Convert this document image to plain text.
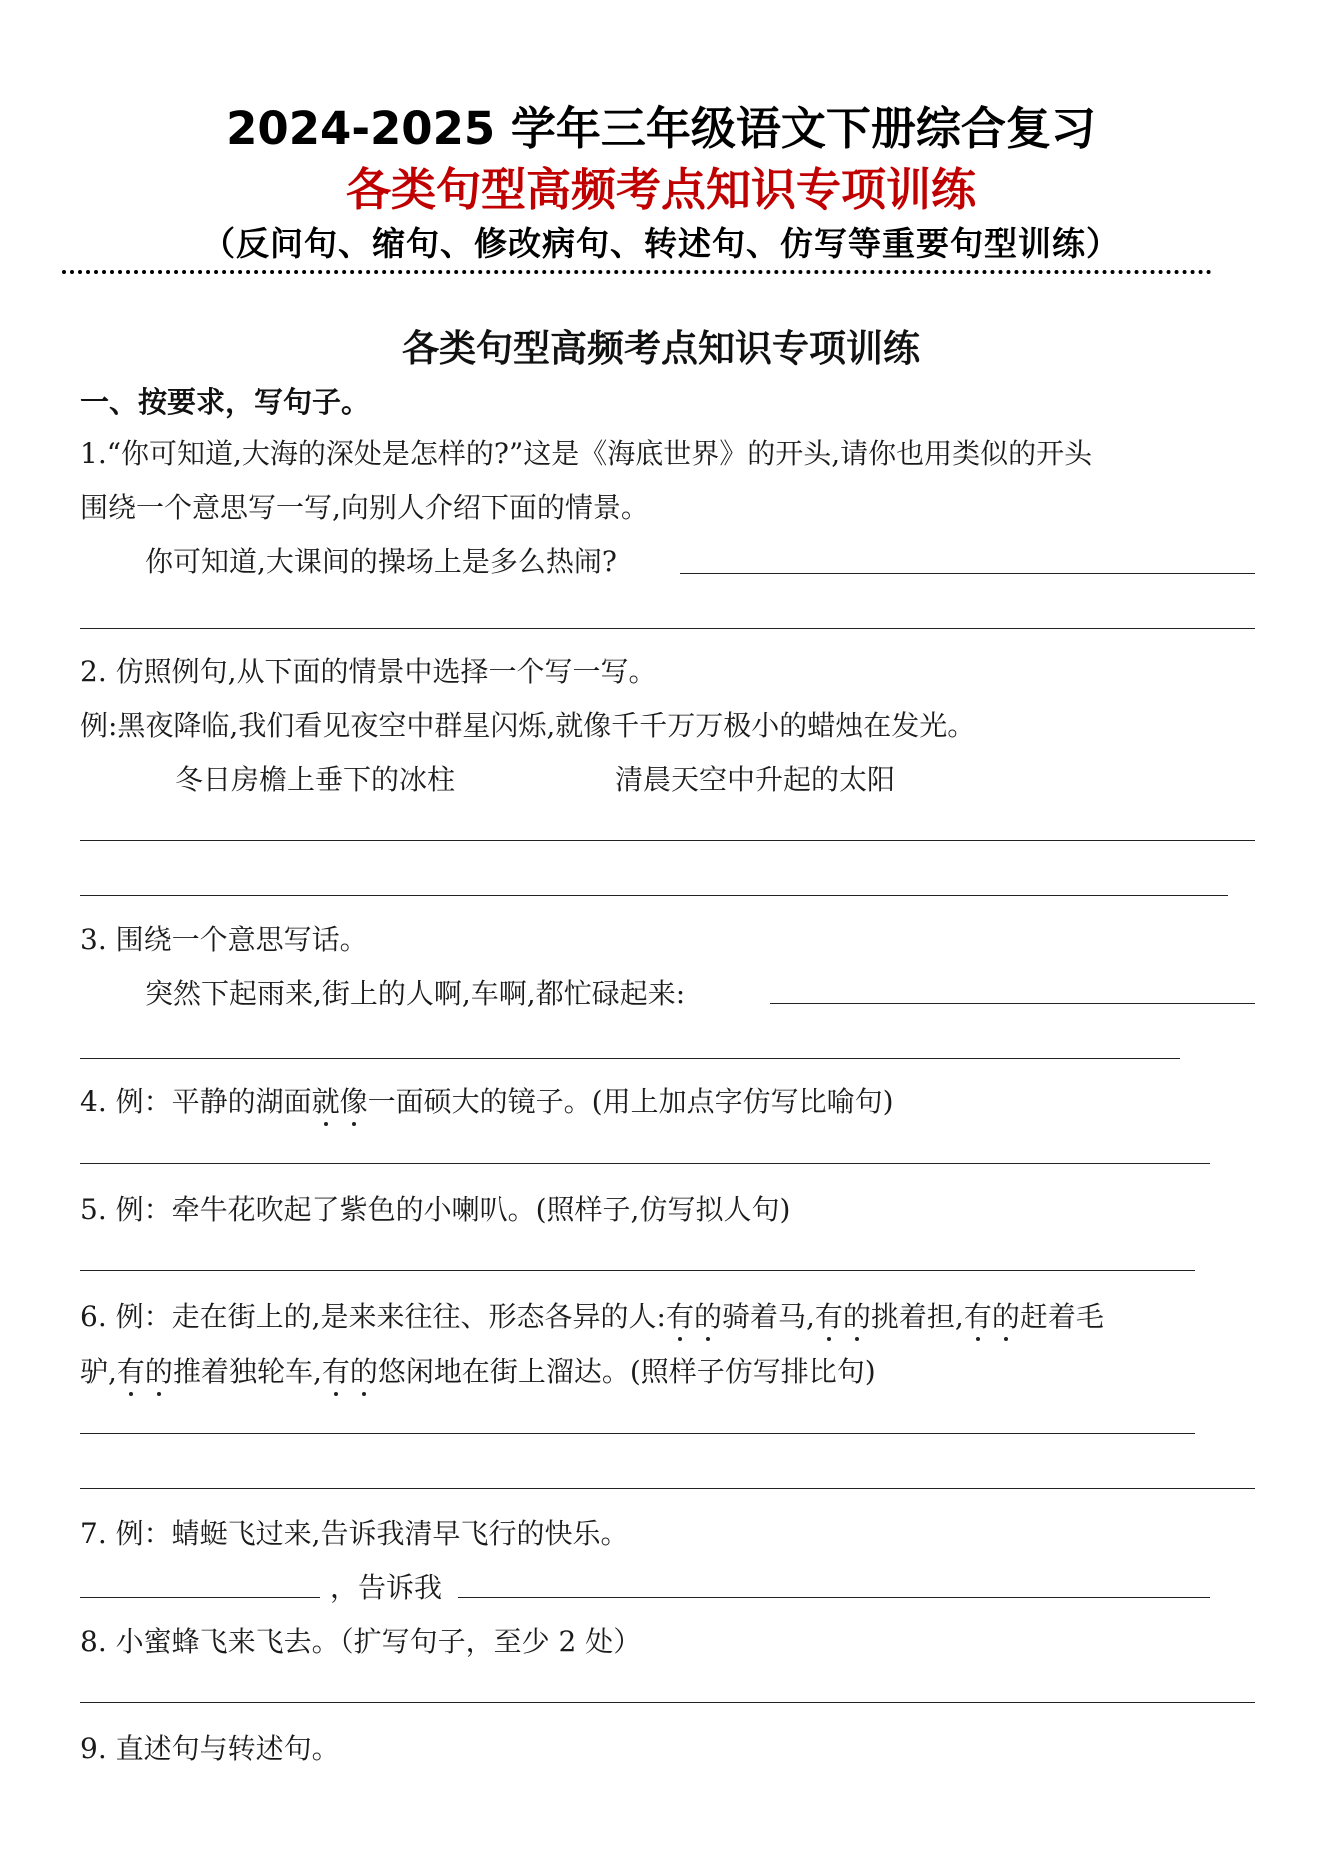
2024-2025 学年三年级语文下册综合复习
各类句型高频考点知识专项训练
（反问句、缩句、修改病句、转述句、仿写等重要句型训练）
各类句型高频考点知识专项训练
一、按要求，写句子。
1.“你可知道,大海的深处是怎样的?”这是《海底世界》的开头,请你也用类似的开头
围绕一个意思写一写,向别人介绍下面的情景。
你可知道,大课间的操场上是多么热闹?
2. 仿照例句,从下面的情景中选择一个写一写。
例:黑夜降临,我们看见夜空中群星闪烁,就像千千万万极小的蜡烛在发光。
冬日房檐上垂下的冰柱	清晨天空中升起的太阳
3. 围绕一个意思写话。
突然下起雨来,街上的人啊,车啊,都忙碌起来:
4. 例：平静的湖面就像一面硕大的镜子。(用上加点字仿写比喻句)
5. 例：牵牛花吹起了紫色的小喇叭。(照样子,仿写拟人句)
6. 例：走在街上的,是来来往往、形态各异的人:有的骑着马,有的挑着担,有的赶着毛
驴,有的推着独轮车,有的悠闲地在街上溜达。(照样子仿写排比句)
7. 例：蜻蜓飞过来,告诉我清早飞行的快乐。
，告诉我
8. 小蜜蜂飞来飞去。（扩写句子，至少 2 处）
9. 直述句与转述句。
